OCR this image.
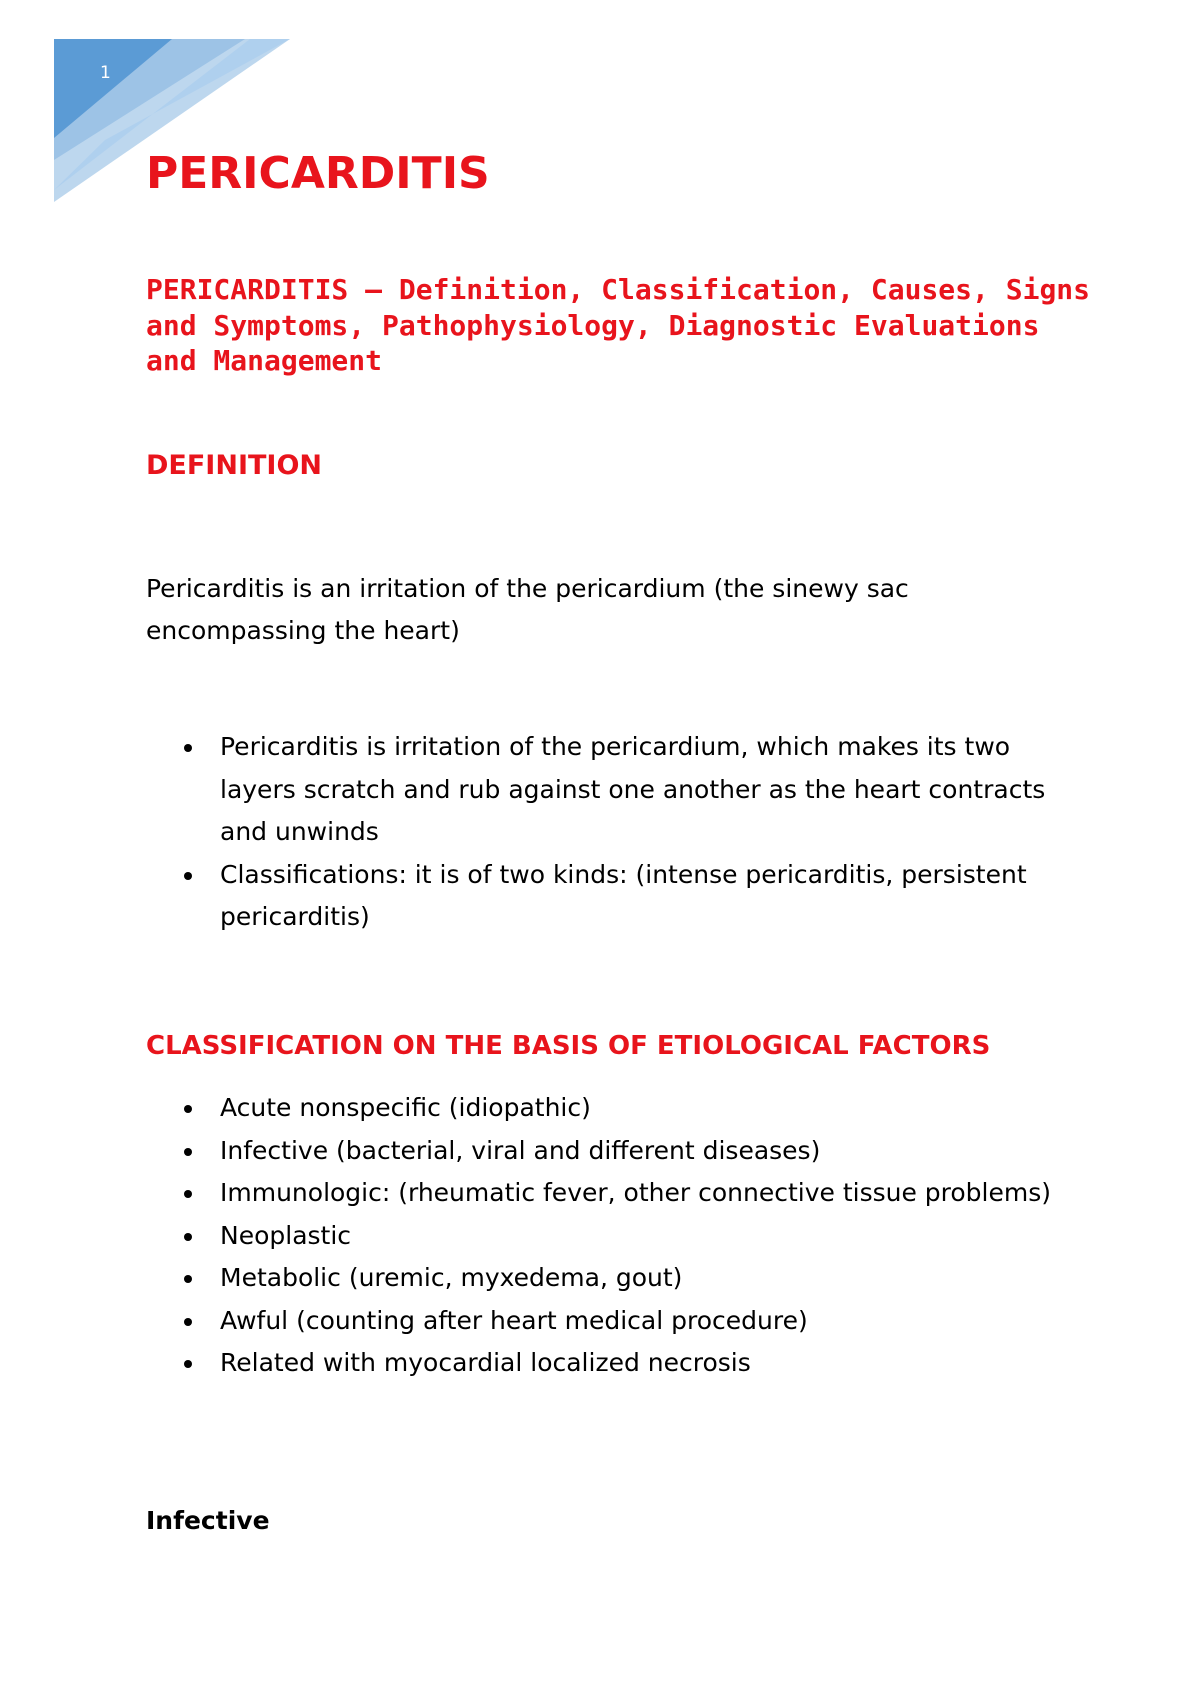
1
PERICARDITIS
PERICARDITIS – Definition, Classification, Causes, Signs and Symptoms, Pathophysiology, Diagnostic Evaluations and Management
DEFINITION

Pericarditis is an irritation of the pericardium (the sinewy sac encompassing the heart)

Pericarditis is irritation of the pericardium, which makes its two layers scratch and rub against one another as the heart contracts and unwinds
Classifications: it is of two kinds: (intense pericarditis, persistent pericarditis)
CLASSIFICATION ON THE BASIS OF ETIOLOGICAL FACTORS
Acute nonspecific (idiopathic)
Infective (bacterial, viral and different diseases)
Immunologic: (rheumatic fever, other connective tissue problems)
Neoplastic
Metabolic (uremic, myxedema, gout)
Awful (counting after heart medical procedure)
Related with myocardial localized necrosis
Infective
